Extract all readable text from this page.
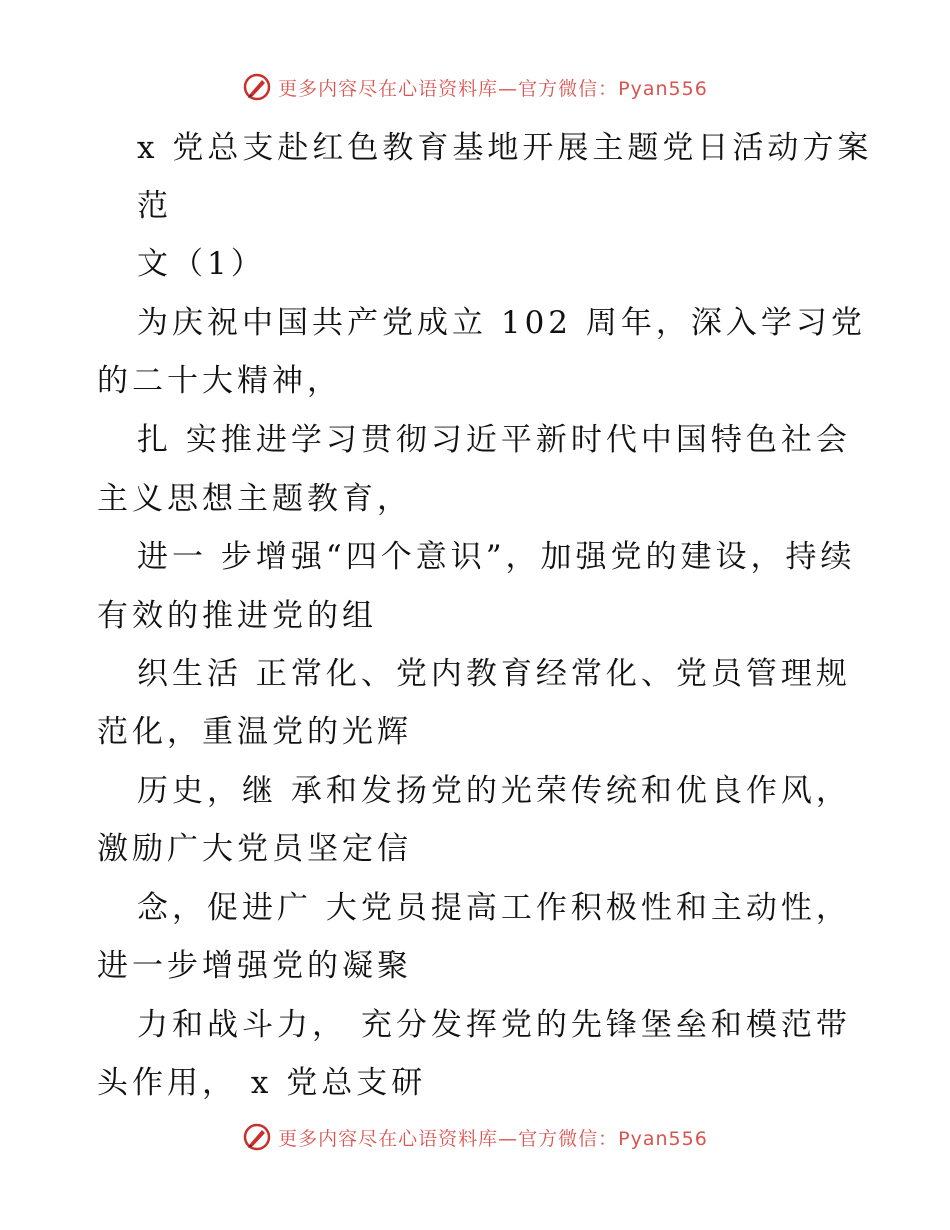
更多内容尽在心语资料库—官方微信：Pyan556
x 党总支赴红色教育基地开展主题党日活动方案
范
文（1）
为庆祝中国共产党成立 102 周年，深入学习党
的二十大精神，
扎 实推进学习贯彻习近平新时代中国特色社会
主义思想主题教育，
进一 步增强“四个意识”，加强党的建设，持续
有效的推进党的组
织生活 正常化、党内教育经常化、党员管理规
范化，重温党的光辉
历史，继 承和发扬党的光荣传统和优良作风，
激励广大党员坚定信
念，促进广 大党员提高工作积极性和主动性，
进一步增强党的凝聚
力和战斗力， 充分发挥党的先锋堡垒和模范带
头作用， x 党总支研
更多内容尽在心语资料库—官方微信：Pyan556
